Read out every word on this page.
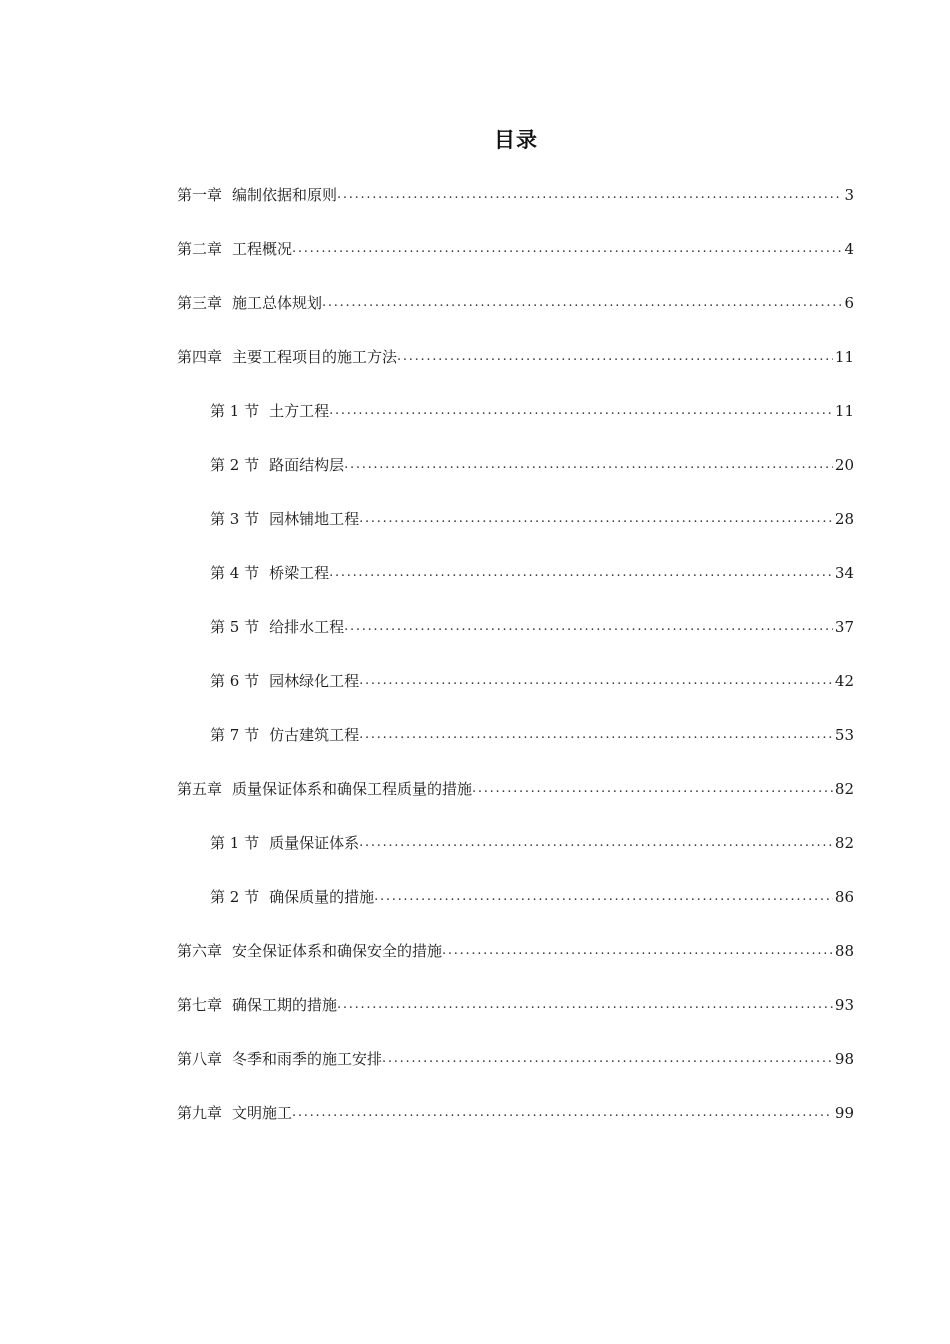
目录
第一章 编制依据和原则 . . .	3
第二章 工程概况 . . .	4
第三章 施工总体规划 . . .	6
第四章 主要工程项目的施工方法 . . .	11
第 1 节 土方工程 . . .	11
第 2 节 路面结构层 . . .	20
第 3 节 园林铺地工程 . . .	28
第 4 节 桥梁工程 . . .	34
第 5 节 给排水工程 . . .	37
第 6 节 园林绿化工程 . . .	42
第 7 节 仿古建筑工程 . . .	53
第五章 质量保证体系和确保工程质量的措施 . . .	82
第 1 节 质量保证体系 . . .	82
第 2 节 确保质量的措施 . . .	86
第六章 安全保证体系和确保安全的措施 . . .	88
第七章 确保工期的措施 . . .	93
第八章 冬季和雨季的施工安排 . . .	98
第九章 文明施工 . . .	99
